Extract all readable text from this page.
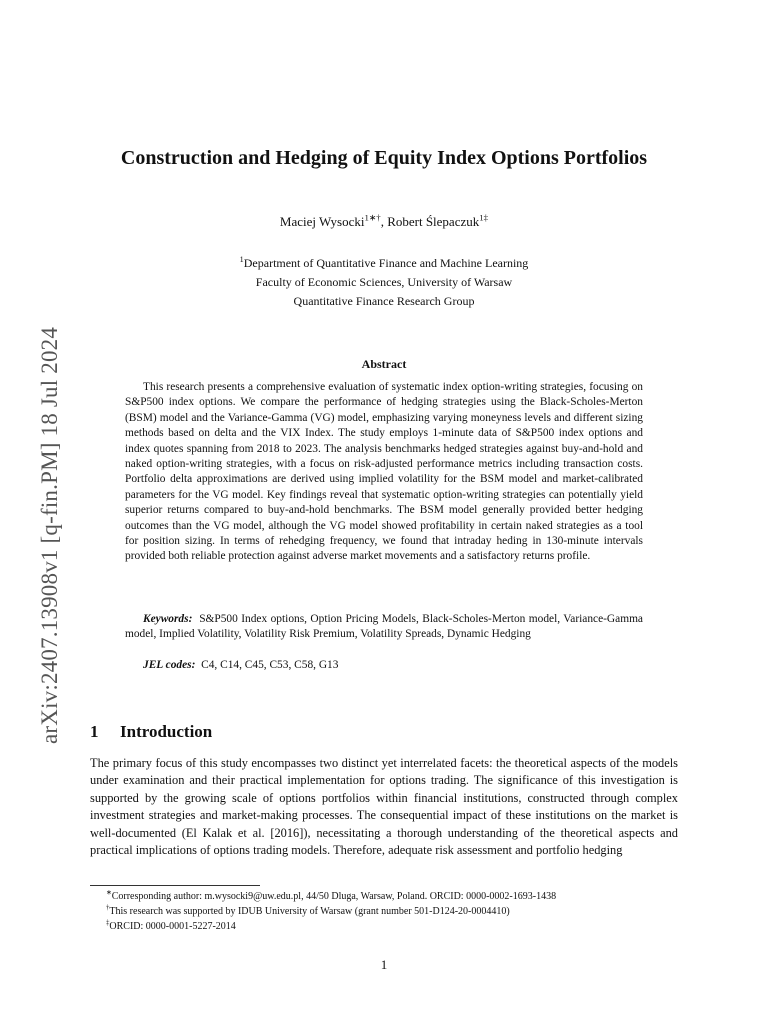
arXiv:2407.13908v1 [q-fin.PM] 18 Jul 2024
Construction and Hedging of Equity Index Options Portfolios
Maciej Wysocki$^{1∗\dagger}$, Robert Ślepaczuk$^{1\ddagger}$
$^1$Department of Quantitative Finance and Machine Learning
Faculty of Economic Sciences, University of Warsaw
Quantitative Finance Research Group
Abstract

This research presents a comprehensive evaluation of systematic index option-writing strategies, focusing on S&P500 index options. We compare the performance of hedging strategies using the Black-Scholes-Merton (BSM) model and the Variance-Gamma (VG) model, emphasizing varying moneyness levels and different sizing methods based on delta and the VIX Index. The study employs 1-minute data of S&P500 index options and index quotes spanning from 2018 to 2023. The analysis benchmarks hedged strategies against buy-and-hold and naked option-writing strategies, with a focus on risk-adjusted performance metrics including transaction costs. Portfolio delta approximations are derived using implied volatility for the BSM model and market-calibrated parameters for the VG model. Key findings reveal that systematic option-writing strategies can potentially yield superior returns compared to buy-and-hold benchmarks. The BSM model generally provided better hedging outcomes than the VG model, although the VG model showed profitability in certain naked strategies as a tool for position sizing. In terms of rehedging frequency, we found that intraday heding in 130-minute intervals provided both reliable protection against adverse market movements and a satisfactory returns profile.

Keywords: S&P500 Index options, Option Pricing Models, Black-Scholes-Merton model, Variance-Gamma model, Implied Volatility, Volatility Risk Premium, Volatility Spreads, Dynamic Hedging

JEL codes: C4, C14, C45, C53, C58, G13

1 Introduction

The primary focus of this study encompasses two distinct yet interrelated facets: the theoretical aspects of the models under examination and their practical implementation for options trading. The significance of this investigation is supported by the growing scale of options portfolios within financial institutions, constructed through complex investment strategies and market-making processes. The consequential impact of these institutions on the market is well-documented (El Kalak et al. [2016]), necessitating a thorough understanding of the theoretical aspects and practical implications of options trading models. Therefore, adequate risk assessment and portfolio hedging

∗Corresponding author: m.wysocki9@uw.edu.pl, 44/50 Dluga, Warsaw, Poland. ORCID: 0000-0002-1693-1438
†This research was supported by IDUB University of Warsaw (grant number 501-D124-20-0004410)
‡ORCID: 0000-0001-5227-2014
1
